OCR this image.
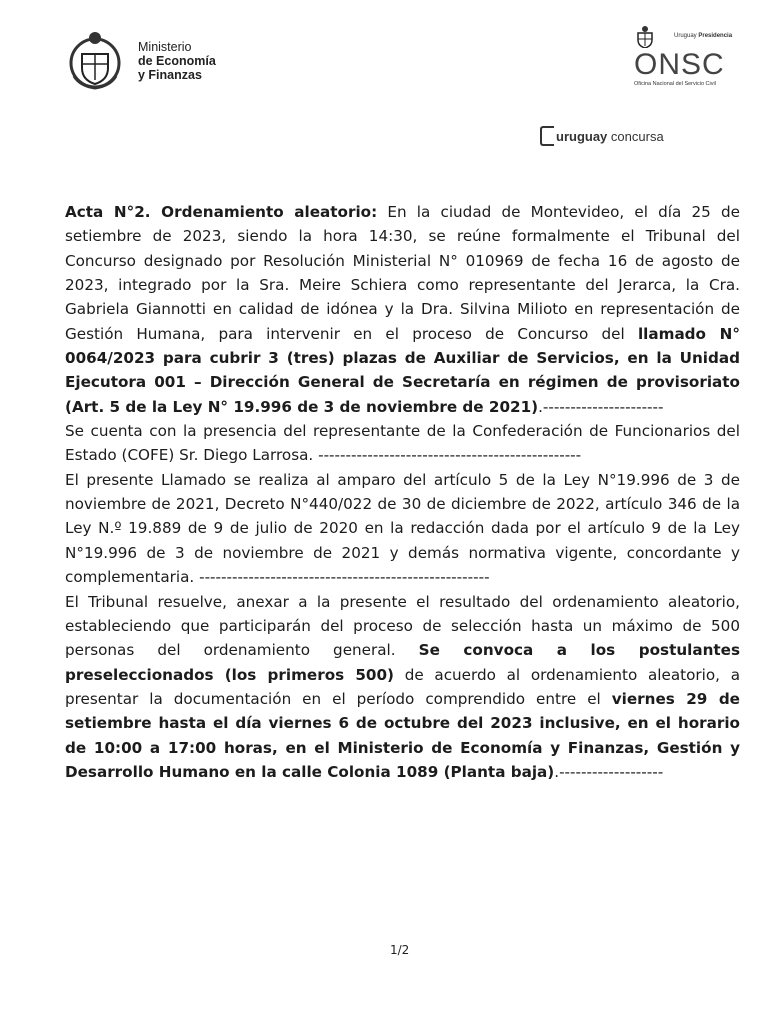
Ministerio
de Economía
y Finanzas
Uruguay Presidencia
ONSC
Oficina Nacional del Servicio Civil
uruguay
concursa

Acta N°2. Ordenamiento aleatorio: En la ciudad de Montevideo, el día 25 de setiembre de 2023, siendo la hora 14:30, se reúne formalmente el Tribunal del Concurso designado por Resolución Ministerial N° 010969 de fecha 16 de agosto de 2023, integrado por la Sra. Meire Schiera como representante del Jerarca, la Cra. Gabriela Giannotti en calidad de idónea y la Dra. Silvina Milioto en representación de Gestión Humana, para intervenir en el proceso de Concurso del llamado N° 0064/2023 para cubrir 3 (tres) plazas de Auxiliar de Servicios, en la Unidad Ejecutora 001 – Dirección General de Secretaría en régimen de provisoriato (Art. 5 de la Ley N° 19.996 de 3 de noviembre de 2021).----------------------

Se cuenta con la presencia del representante de la Confederación de Funcionarios del Estado (COFE) Sr. Diego Larrosa. ------------------------------------------------

El presente Llamado se realiza al amparo del artículo 5 de la Ley N°19.996 de 3 de noviembre de 2021, Decreto N°440/022 de 30 de diciembre de 2022, artículo 346 de la Ley N.º 19.889 de 9 de julio de 2020 en la redacción dada por el artículo 9 de la Ley N°19.996 de 3 de noviembre de 2021 y demás normativa vigente, concordante y complementaria. -----------------------------------------------------

El Tribunal resuelve, anexar a la presente el resultado del ordenamiento aleatorio, estableciendo que participarán del proceso de selección hasta un máximo de 500 personas del ordenamiento general. Se convoca a los postulantes preseleccionados (los primeros 500) de acuerdo al ordenamiento aleatorio, a presentar la documentación en el período comprendido entre el viernes 29 de setiembre hasta el día viernes 6 de octubre del 2023 inclusive, en el horario de 10:00 a 17:00 horas, en el Ministerio de Economía y Finanzas, Gestión y Desarrollo Humano en la calle Colonia 1089 (Planta baja).-------------------

1/2
